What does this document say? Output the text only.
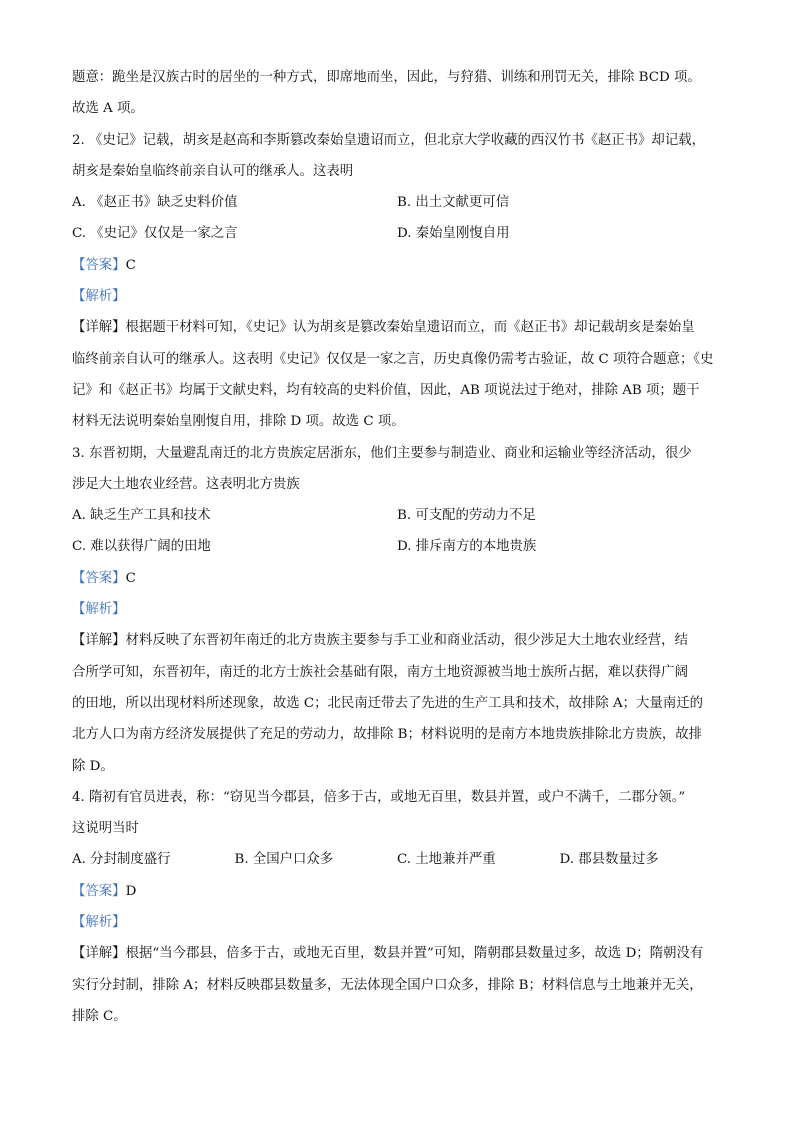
题意：跪坐是汉族古时的居坐的一种方式，即席地而坐，因此，与狩猎、训练和刑罚无关，排除 BCD 项。
故选 A 项。
2. 《史记》记载，胡亥是赵高和李斯篡改秦始皇遗诏而立，但北京大学收藏的西汉竹书《赵正书》却记载，
胡亥是秦始皇临终前亲自认可的继承人。这表明
A. 《赵正书》缺乏史料价值	B. 出土文献更可信
C. 《史记》仅仅是一家之言	D. 秦始皇刚愎自用
【答案】C
【解析】
【详解】根据题干材料可知，《史记》认为胡亥是篡改秦始皇遗诏而立，而《赵正书》却记载胡亥是秦始皇
临终前亲自认可的继承人。这表明《史记》仅仅是一家之言，历史真像仍需考古验证，故 C 项符合题意；《史
记》和《赵正书》均属于文献史料，均有较高的史料价值，因此，AB 项说法过于绝对，排除 AB 项；题干
材料无法说明秦始皇刚愎自用，排除 D 项。故选 C 项。
3. 东晋初期，大量避乱南迁的北方贵族定居浙东，他们主要参与制造业、商业和运输业等经济活动，很少
涉足大土地农业经营。这表明北方贵族
A. 缺乏生产工具和技术	B. 可支配的劳动力不足
C. 难以获得广阔的田地	D. 排斥南方的本地贵族
【答案】C
【解析】
【详解】材料反映了东晋初年南迁的北方贵族主要参与手工业和商业活动，很少涉足大土地农业经营，结
合所学可知，东晋初年，南迁的北方士族社会基础有限，南方土地资源被当地士族所占据，难以获得广阔
的田地，所以出现材料所述现象，故选 C；北民南迁带去了先进的生产工具和技术，故排除 A；大量南迁的
北方人口为南方经济发展提供了充足的劳动力，故排除 B；材料说明的是南方本地贵族排除北方贵族，故排
除 D。
4. 隋初有官员进表，称：“窃见当今郡县，倍多于古，或地无百里，数县并置，或户不满千，二郡分领。”
这说明当时
A. 分封制度盛行	B. 全国户口众多	C. 土地兼并严重	D. 郡县数量过多
【答案】D
【解析】
【详解】根据“当今郡县，倍多于古，或地无百里，数县并置”可知，隋朝郡县数量过多，故选 D；隋朝没有
实行分封制，排除 A；材料反映郡县数量多，无法体现全国户口众多，排除 B；材料信息与土地兼并无关，
排除 C。
